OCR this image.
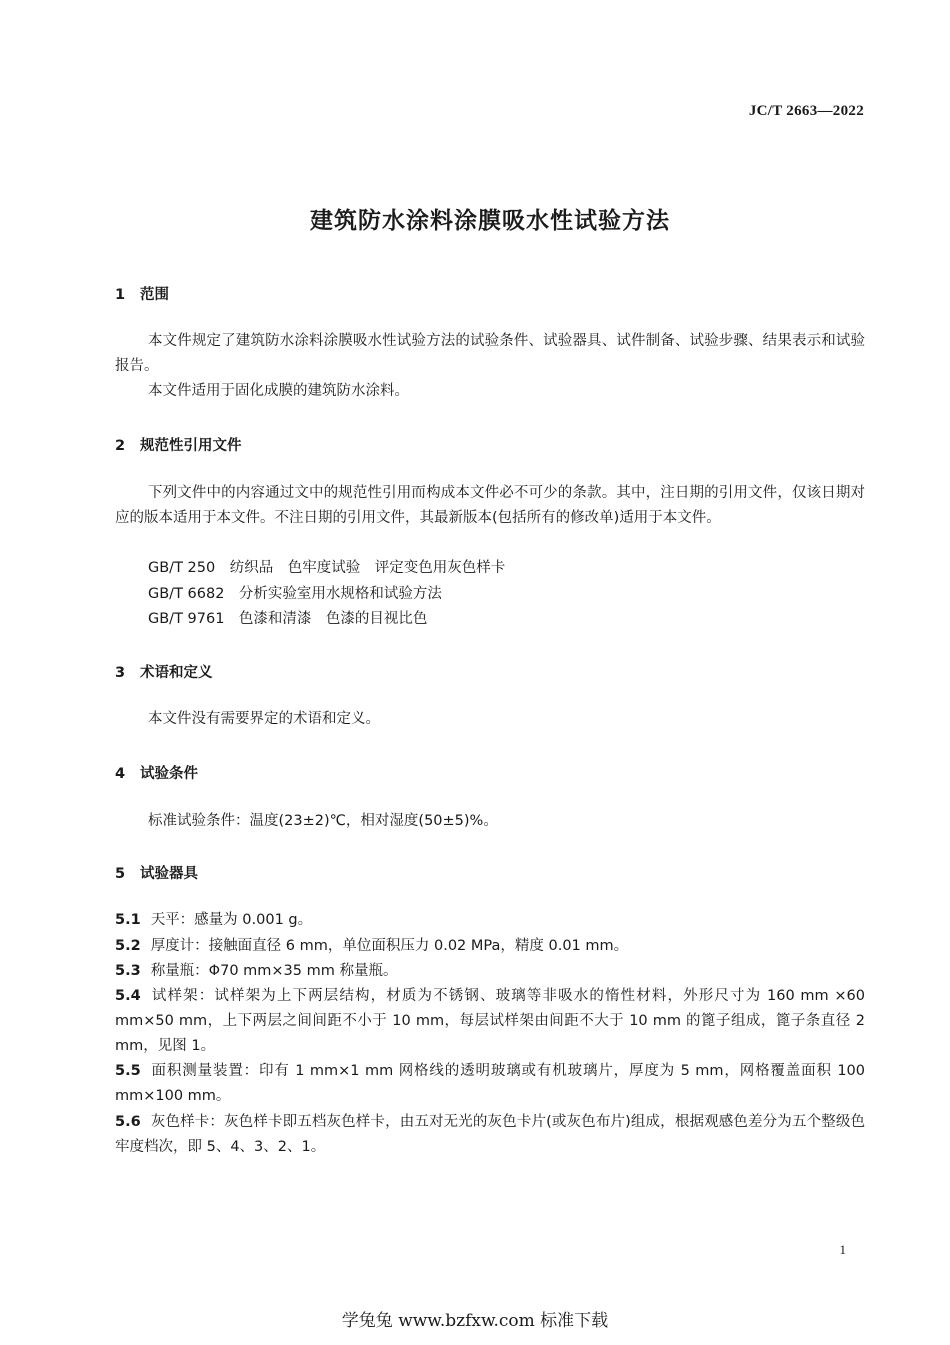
JC/T 2663—2022
建筑防水涂料涂膜吸水性试验方法
1 范围
本文件规定了建筑防水涂料涂膜吸水性试验方法的试验条件、试验器具、试件制备、试验步骤、结果表示和试验报告。
本文件适用于固化成膜的建筑防水涂料。
2 规范性引用文件
下列文件中的内容通过文中的规范性引用而构成本文件必不可少的条款。其中，注日期的引用文件，仅该日期对应的版本适用于本文件。不注日期的引用文件，其最新版本(包括所有的修改单)适用于本文件。
GB/T 250　纺织品　色牢度试验　评定变色用灰色样卡
GB/T 6682　分析实验室用水规格和试验方法
GB/T 9761　色漆和清漆　色漆的目视比色
3 术语和定义
本文件没有需要界定的术语和定义。
4 试验条件
标准试验条件：温度(23±2)℃，相对湿度(50±5)%。
5 试验器具
5.1 天平：感量为 0.001 g。
5.2 厚度计：接触面直径 6 mm，单位面积压力 0.02 MPa，精度 0.01 mm。
5.3 称量瓶：Φ70 mm×35 mm 称量瓶。
5.4 试样架：试样架为上下两层结构，材质为不锈钢、玻璃等非吸水的惰性材料，外形尺寸为 160 mm ×60 mm×50 mm，上下两层之间间距不小于 10 mm，每层试样架由间距不大于 10 mm 的篦子组成，篦子条直径 2 mm，见图 1。
5.5 面积测量装置：印有 1 mm×1 mm 网格线的透明玻璃或有机玻璃片，厚度为 5 mm，网格覆盖面积 100 mm×100 mm。
5.6 灰色样卡：灰色样卡即五档灰色样卡，由五对无光的灰色卡片(或灰色布片)组成，根据观感色差分为五个整级色牢度档次，即 5、4、3、2、1。
1
学兔兔 www.bzfxw.com 标准下载
